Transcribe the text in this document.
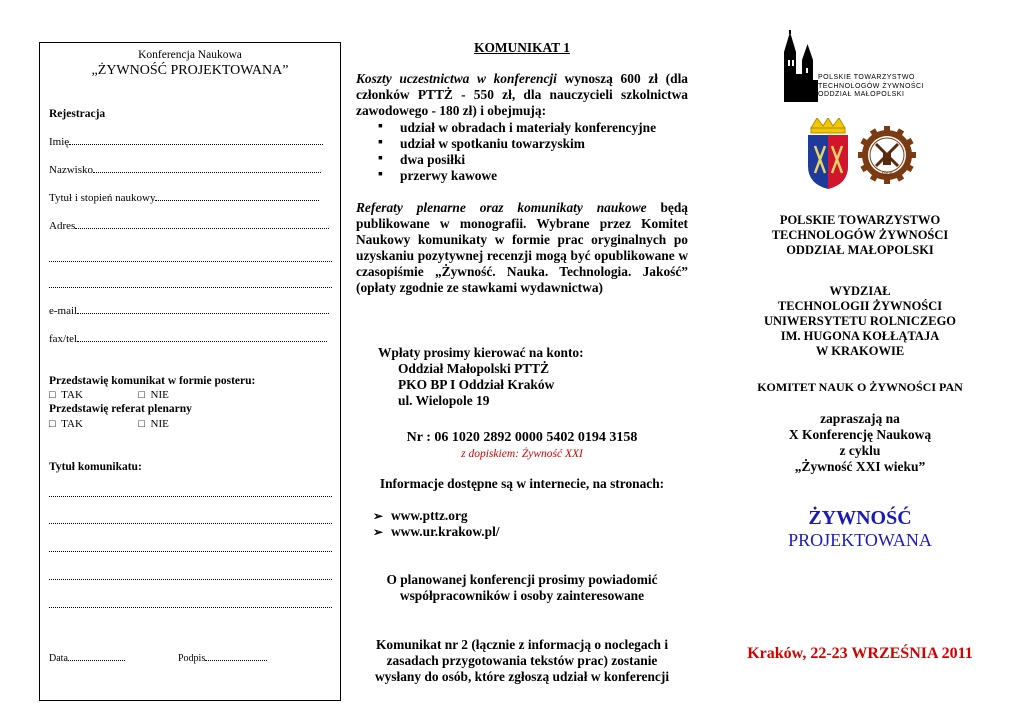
Konferencja Naukowa
„ŻYWNOŚĆ PROJEKTOWANA”
Rejestracja
Imię
Nazwisko
Tytuł i stopień naukowy
Adres
e-mail
fax/tel
Przedstawię komunikat w formie posteru:
□ TAK	□ NIE
Przedstawię referat plenarny
□ TAK	□ NIE
Tytuł komunikatu:
Data	Podpis
KOMUNIKAT 1
Koszty uczestnictwa w konferencji wynoszą 600 zł (dla członków PTTŻ - 550 zł, dla nauczycieli szkolnictwa zawodowego - 180 zł) i obejmują:
▪ udział w obradach i materiały konferencyjne
▪ udział w spotkaniu towarzyskim
▪ dwa posiłki
▪ przerwy kawowe
Referaty plenarne oraz komunikaty naukowe będą publikowane w monografii. Wybrane przez Komitet Naukowy komunikaty w formie prac oryginalnych po uzyskaniu pozytywnej recenzji mogą być opublikowane w czasopiśmie „Żywność. Nauka. Technologia. Jakość” (opłaty zgodnie ze stawkami wydawnictwa)
Wpłaty prosimy kierować na konto:
Oddział Małopolski PTTŻ
PKO BP I Oddział Kraków
ul. Wielopole 19
Nr : 06 1020 2892 0000 5402 0194 3158
z dopiskiem: Żywność XXI
Informacje dostępne są w internecie, na stronach:
➢ www.pttz.org
➢ www.ur.krakow.pl/
O planowanej konferencji prosimy powiadomić współpracowników i osoby zainteresowane
Komunikat nr 2 (łącznie z informacją o noclegach i zasadach przygotowania tekstów prac) zostanie wysłany do osób, które zgłoszą udział w konferencji
POLSKIE TOWARZYSTWO
TECHNOLOGÓW ŻYWNOŚCI
ODDZIAŁ MAŁOPOLSKI
1890
POLSKIE TOWARZYSTWO
TECHNOLOGÓW ŻYWNOŚCI
ODDZIAŁ MAŁOPOLSKI
WYDZIAŁ
TECHNOLOGII ŻYWNOŚCI
UNIWERSYTETU ROLNICZEGO
IM. HUGONA KOŁŁĄTAJA
W KRAKOWIE
KOMITET NAUK O ŻYWNOŚCI PAN
zapraszają na
X Konferencję Naukową
z cyklu
„Żywność XXI wieku”
ŻYWNOŚĆ
PROJEKTOWANA
Kraków, 22-23 WRZEŚNIA 2011
